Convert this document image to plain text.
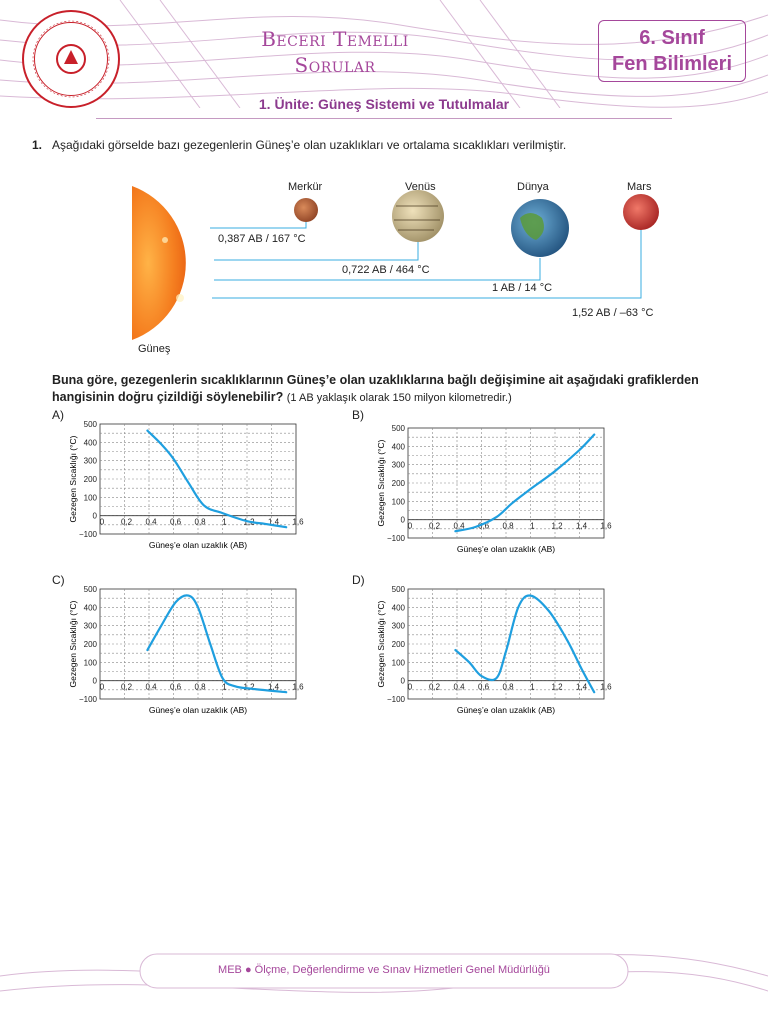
Beceri Temelli
Sorular
6. Sınıf
Fen Bilimleri
1. Ünite: Güneş Sistemi ve Tutulmalar
1. Aşağıdaki görselde bazı gezegenlerin Güneş’e olan uzaklıkları ve ortalama sıcaklıkları verilmiştir.
Merkür	Venüs	Dünya	Mars
0,387 AB / 167 °C
0,722 AB / 464 °C
1 AB / 14 °C
1,52 AB / –63 °C
Güneş
Buna göre, gezegenlerin sıcaklıklarının Güneş’e olan uzaklıklarına bağlı değişimine ait aşağıdaki grafiklerden hangisinin doğru çizildiği söylenebilir? (1 AB yaklaşık olarak 150 milyon kilometredir.)
A)	B)
C)	D)
500
400
300
200
100
0
−100
0 0,2 0,4 0,6 0,8 1 1,2 1,4 1,6
Gezegen Sıcaklığı (°C)
Güneş’e olan uzaklık (AB)
500
400
300
200
100
0
−100
0 0,2 0,4 0,6 0,8 1 1,2 1,4 1,6
Gezegen Sıcaklığı (°C)
Güneş’e olan uzaklık (AB)
500
400
300
200
100
0
−100
0 0,2 0,4 0,6 0,8 1 1,2 1,4 1,6
Gezegen Sıcaklığı (°C)
Güneş’e olan uzaklık (AB)
500
400
300
200
100
0
−100
0 0,2 0,4 0,6 0,8 1 1,2 1,4 1,6
Gezegen Sıcaklığı (°C)
Güneş’e olan uzaklık (AB)
MEB ● Ölçme, Değerlendirme ve Sınav Hizmetleri Genel Müdürlüğü
